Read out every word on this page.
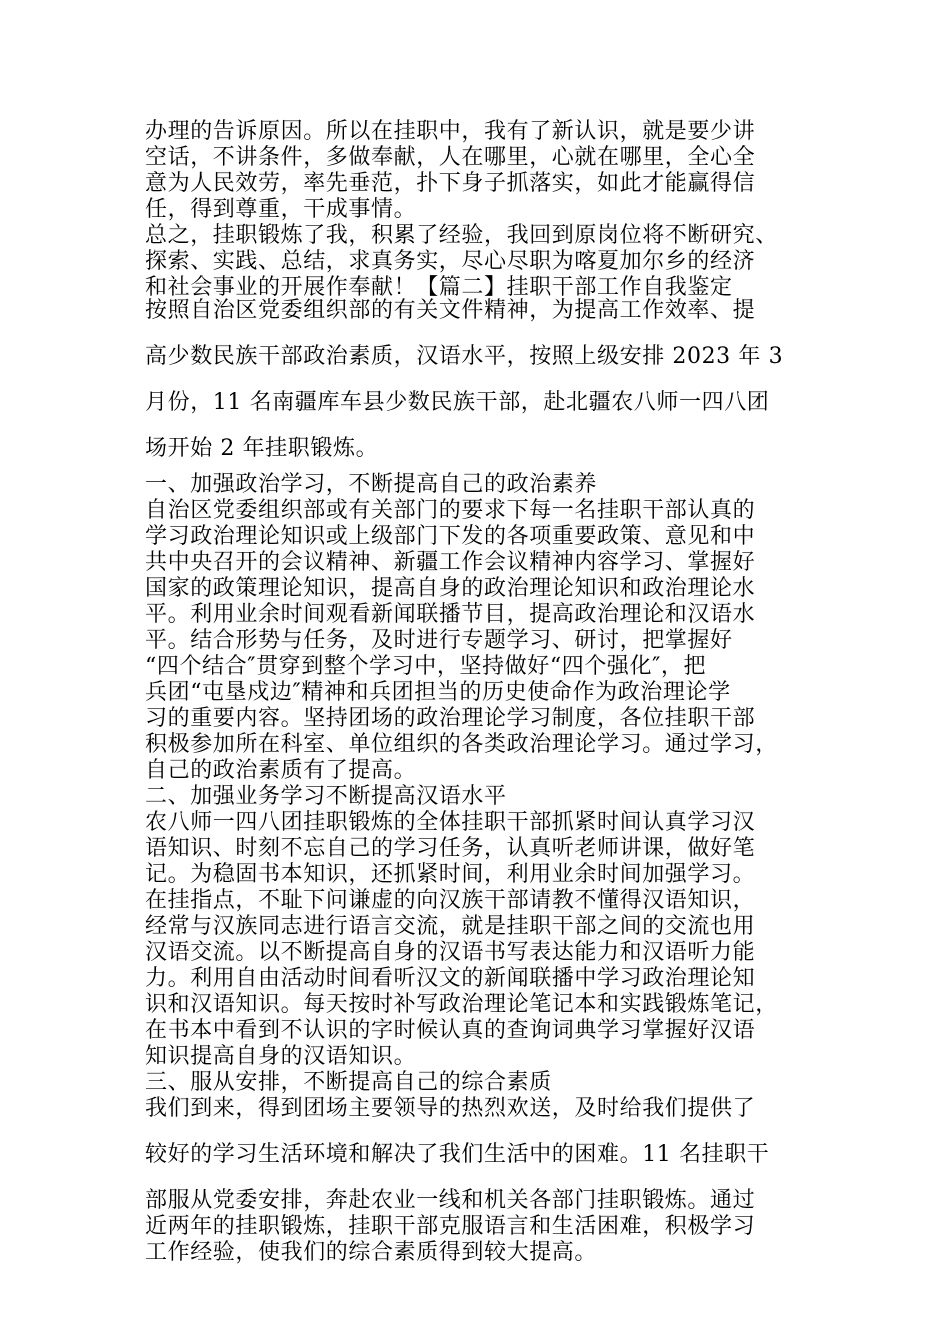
办理的告诉原因。所以在挂职中，我有了新认识，就是要少讲
空话，不讲条件，多做奉献，人在哪里，心就在哪里，全心全
意为人民效劳，率先垂范，扑下身子抓落实，如此才能赢得信
任，得到尊重，干成事情。
总之，挂职锻炼了我，积累了经验，我回到原岗位将不断研究、
探索、实践、总结，求真务实，尽心尽职为喀夏加尔乡的经济
和社会事业的开展作奉献！【篇二】挂职干部工作自我鉴定
按照自治区党委组织部的有关文件精神，为提高工作效率、提
高少数民族干部政治素质，汉语水平，按照上级安排 2023 年 3
月份，11 名南疆库车县少数民族干部，赴北疆农八师一四八团
场开始 2 年挂职锻炼。
一、加强政治学习，不断提高自己的政治素养
自治区党委组织部或有关部门的要求下每一名挂职干部认真的
学习政治理论知识或上级部门下发的各项重要政策、意见和中
共中央召开的会议精神、新疆工作会议精神内容学习、掌握好
国家的政策理论知识，提高自身的政治理论知识和政治理论水
平。利用业余时间观看新闻联播节目，提高政治理论和汉语水
平。结合形势与任务，及时进行专题学习、研讨，把掌握好
“四个结合″贯穿到整个学习中，坚持做好“四个强化″，把
兵团“屯垦戍边″精神和兵团担当的历史使命作为政治理论学
习的重要内容。坚持团场的政治理论学习制度，各位挂职干部
积极参加所在科室、单位组织的各类政治理论学习。通过学习，
自己的政治素质有了提高。
二、加强业务学习不断提高汉语水平
农八师一四八团挂职锻炼的全体挂职干部抓紧时间认真学习汉
语知识、时刻不忘自己的学习任务，认真听老师讲课，做好笔
记。为稳固书本知识，还抓紧时间，利用业余时间加强学习。
在挂指点，不耻下问谦虚的向汉族干部请教不懂得汉语知识，
经常与汉族同志进行语言交流，就是挂职干部之间的交流也用
汉语交流。以不断提高自身的汉语书写表达能力和汉语听力能
力。利用自由活动时间看听汉文的新闻联播中学习政治理论知
识和汉语知识。每天按时补写政治理论笔记本和实践锻炼笔记，
在书本中看到不认识的字时候认真的查询词典学习掌握好汉语
知识提高自身的汉语知识。
三、服从安排，不断提高自己的综合素质
我们到来，得到团场主要领导的热烈欢送，及时给我们提供了
较好的学习生活环境和解决了我们生活中的困难。11 名挂职干
部服从党委安排，奔赴农业一线和机关各部门挂职锻炼。通过
近两年的挂职锻炼，挂职干部克服语言和生活困难，积极学习
工作经验，使我们的综合素质得到较大提高。
